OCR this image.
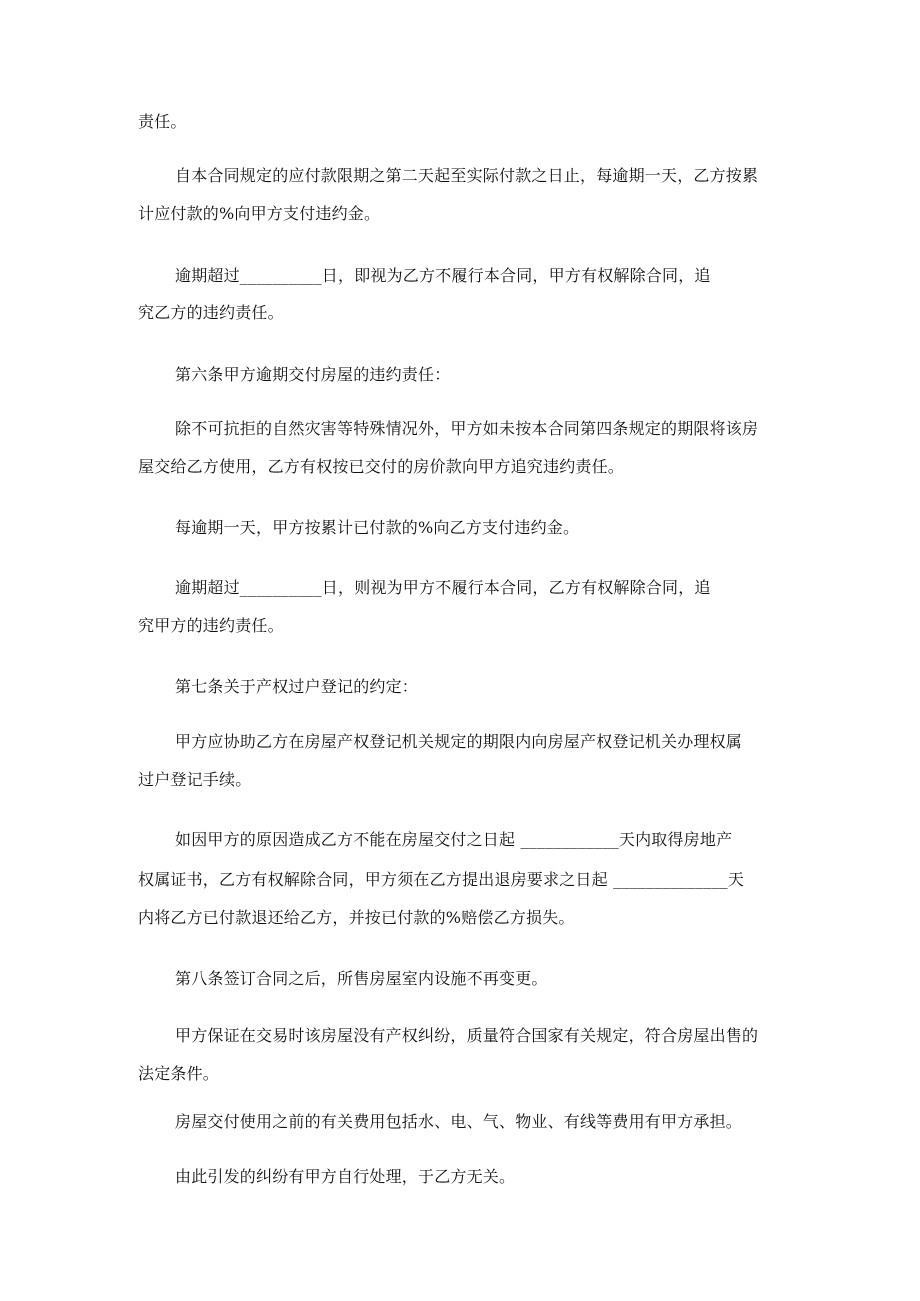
责任。
自本合同规定的应付款限期之第二天起至实际付款之日止，每逾期一天，乙方按累
计应付款的%向甲方支付违约金。
逾期超过__________日，即视为乙方不履行本合同，甲方有权解除合同，追
究乙方的违约责任。
第六条甲方逾期交付房屋的违约责任：
除不可抗拒的自然灾害等特殊情况外，甲方如未按本合同第四条规定的期限将该房
屋交给乙方使用，乙方有权按已交付的房价款向甲方追究违约责任。
每逾期一天，甲方按累计已付款的%向乙方支付违约金。
逾期超过__________日，则视为甲方不履行本合同，乙方有权解除合同，追
究甲方的违约责任。
第七条关于产权过户登记的约定：
甲方应协助乙方在房屋产权登记机关规定的期限内向房屋产权登记机关办理权属
过户登记手续。
如因甲方的原因造成乙方不能在房屋交付之日起 ____________天内取得房地产
权属证书，乙方有权解除合同，甲方须在乙方提出退房要求之日起 ______________天
内将乙方已付款退还给乙方，并按已付款的%赔偿乙方损失。
第八条签订合同之后，所售房屋室内设施不再变更。
甲方保证在交易时该房屋没有产权纠纷，质量符合国家有关规定，符合房屋出售的
法定条件。
房屋交付使用之前的有关费用包括水、电、气、物业、有线等费用有甲方承担。
由此引发的纠纷有甲方自行处理，于乙方无关。
